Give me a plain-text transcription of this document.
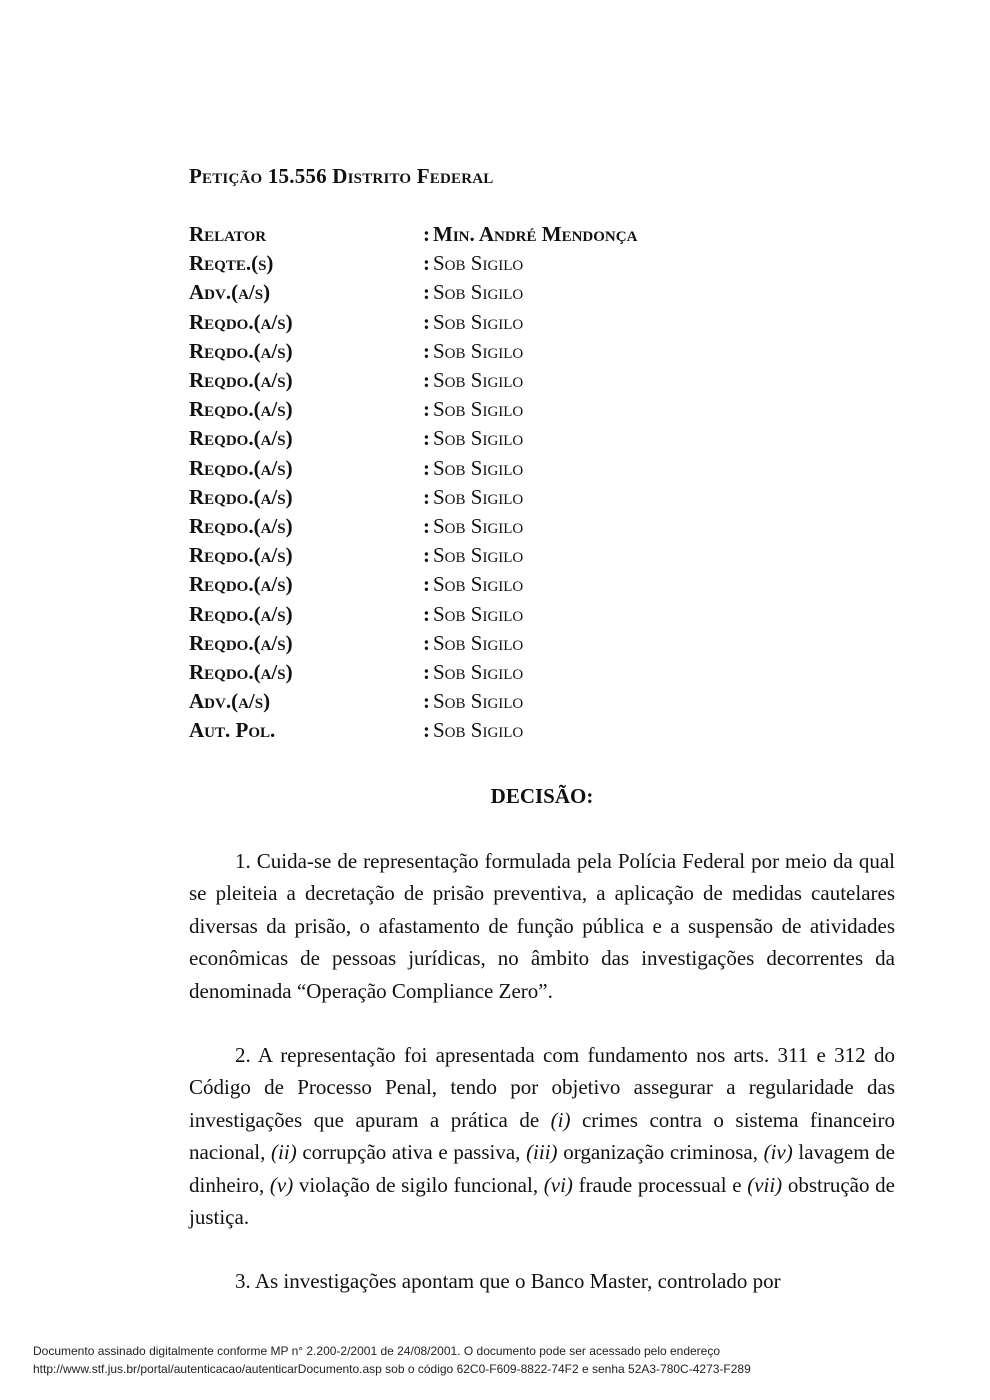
Petição 15.556 Distrito Federal
Relator	: Min. André Mendonça
Reqte.(s)	: Sob Sigilo
Adv.(a/s)	: Sob Sigilo
Reqdo.(a/s)	: Sob Sigilo
Reqdo.(a/s)	: Sob Sigilo
Reqdo.(a/s)	: Sob Sigilo
Reqdo.(a/s)	: Sob Sigilo
Reqdo.(a/s)	: Sob Sigilo
Reqdo.(a/s)	: Sob Sigilo
Reqdo.(a/s)	: Sob Sigilo
Reqdo.(a/s)	: Sob Sigilo
Reqdo.(a/s)	: Sob Sigilo
Reqdo.(a/s)	: Sob Sigilo
Reqdo.(a/s)	: Sob Sigilo
Reqdo.(a/s)	: Sob Sigilo
Reqdo.(a/s)	: Sob Sigilo
Adv.(a/s)	: Sob Sigilo
Aut. Pol.	: Sob Sigilo
DECISÃO:

1. Cuida-se de representação formulada pela Polícia Federal por meio da qual se pleiteia a decretação de prisão preventiva, a aplicação de medidas cautelares diversas da prisão, o afastamento de função pública e a suspensão de atividades econômicas de pessoas jurídicas, no âmbito das investigações decorrentes da denominada “Operação Compliance Zero”.

2. A representação foi apresentada com fundamento nos arts. 311 e 312 do Código de Processo Penal, tendo por objetivo assegurar a regularidade das investigações que apuram a prática de (i) crimes contra o sistema financeiro nacional, (ii) corrupção ativa e passiva, (iii) organização criminosa, (iv) lavagem de dinheiro, (v) violação de sigilo funcional, (vi) fraude processual e (vii) obstrução de justiça.

3. As investigações apontam que o Banco Master, controlado por

Documento assinado digitalmente conforme MP n° 2.200-2/2001 de 24/08/2001. O documento pode ser acessado pelo endereço
http://www.stf.jus.br/portal/autenticacao/autenticarDocumento.asp sob o código 62C0-F609-8822-74F2 e senha 52A3-780C-4273-F289
